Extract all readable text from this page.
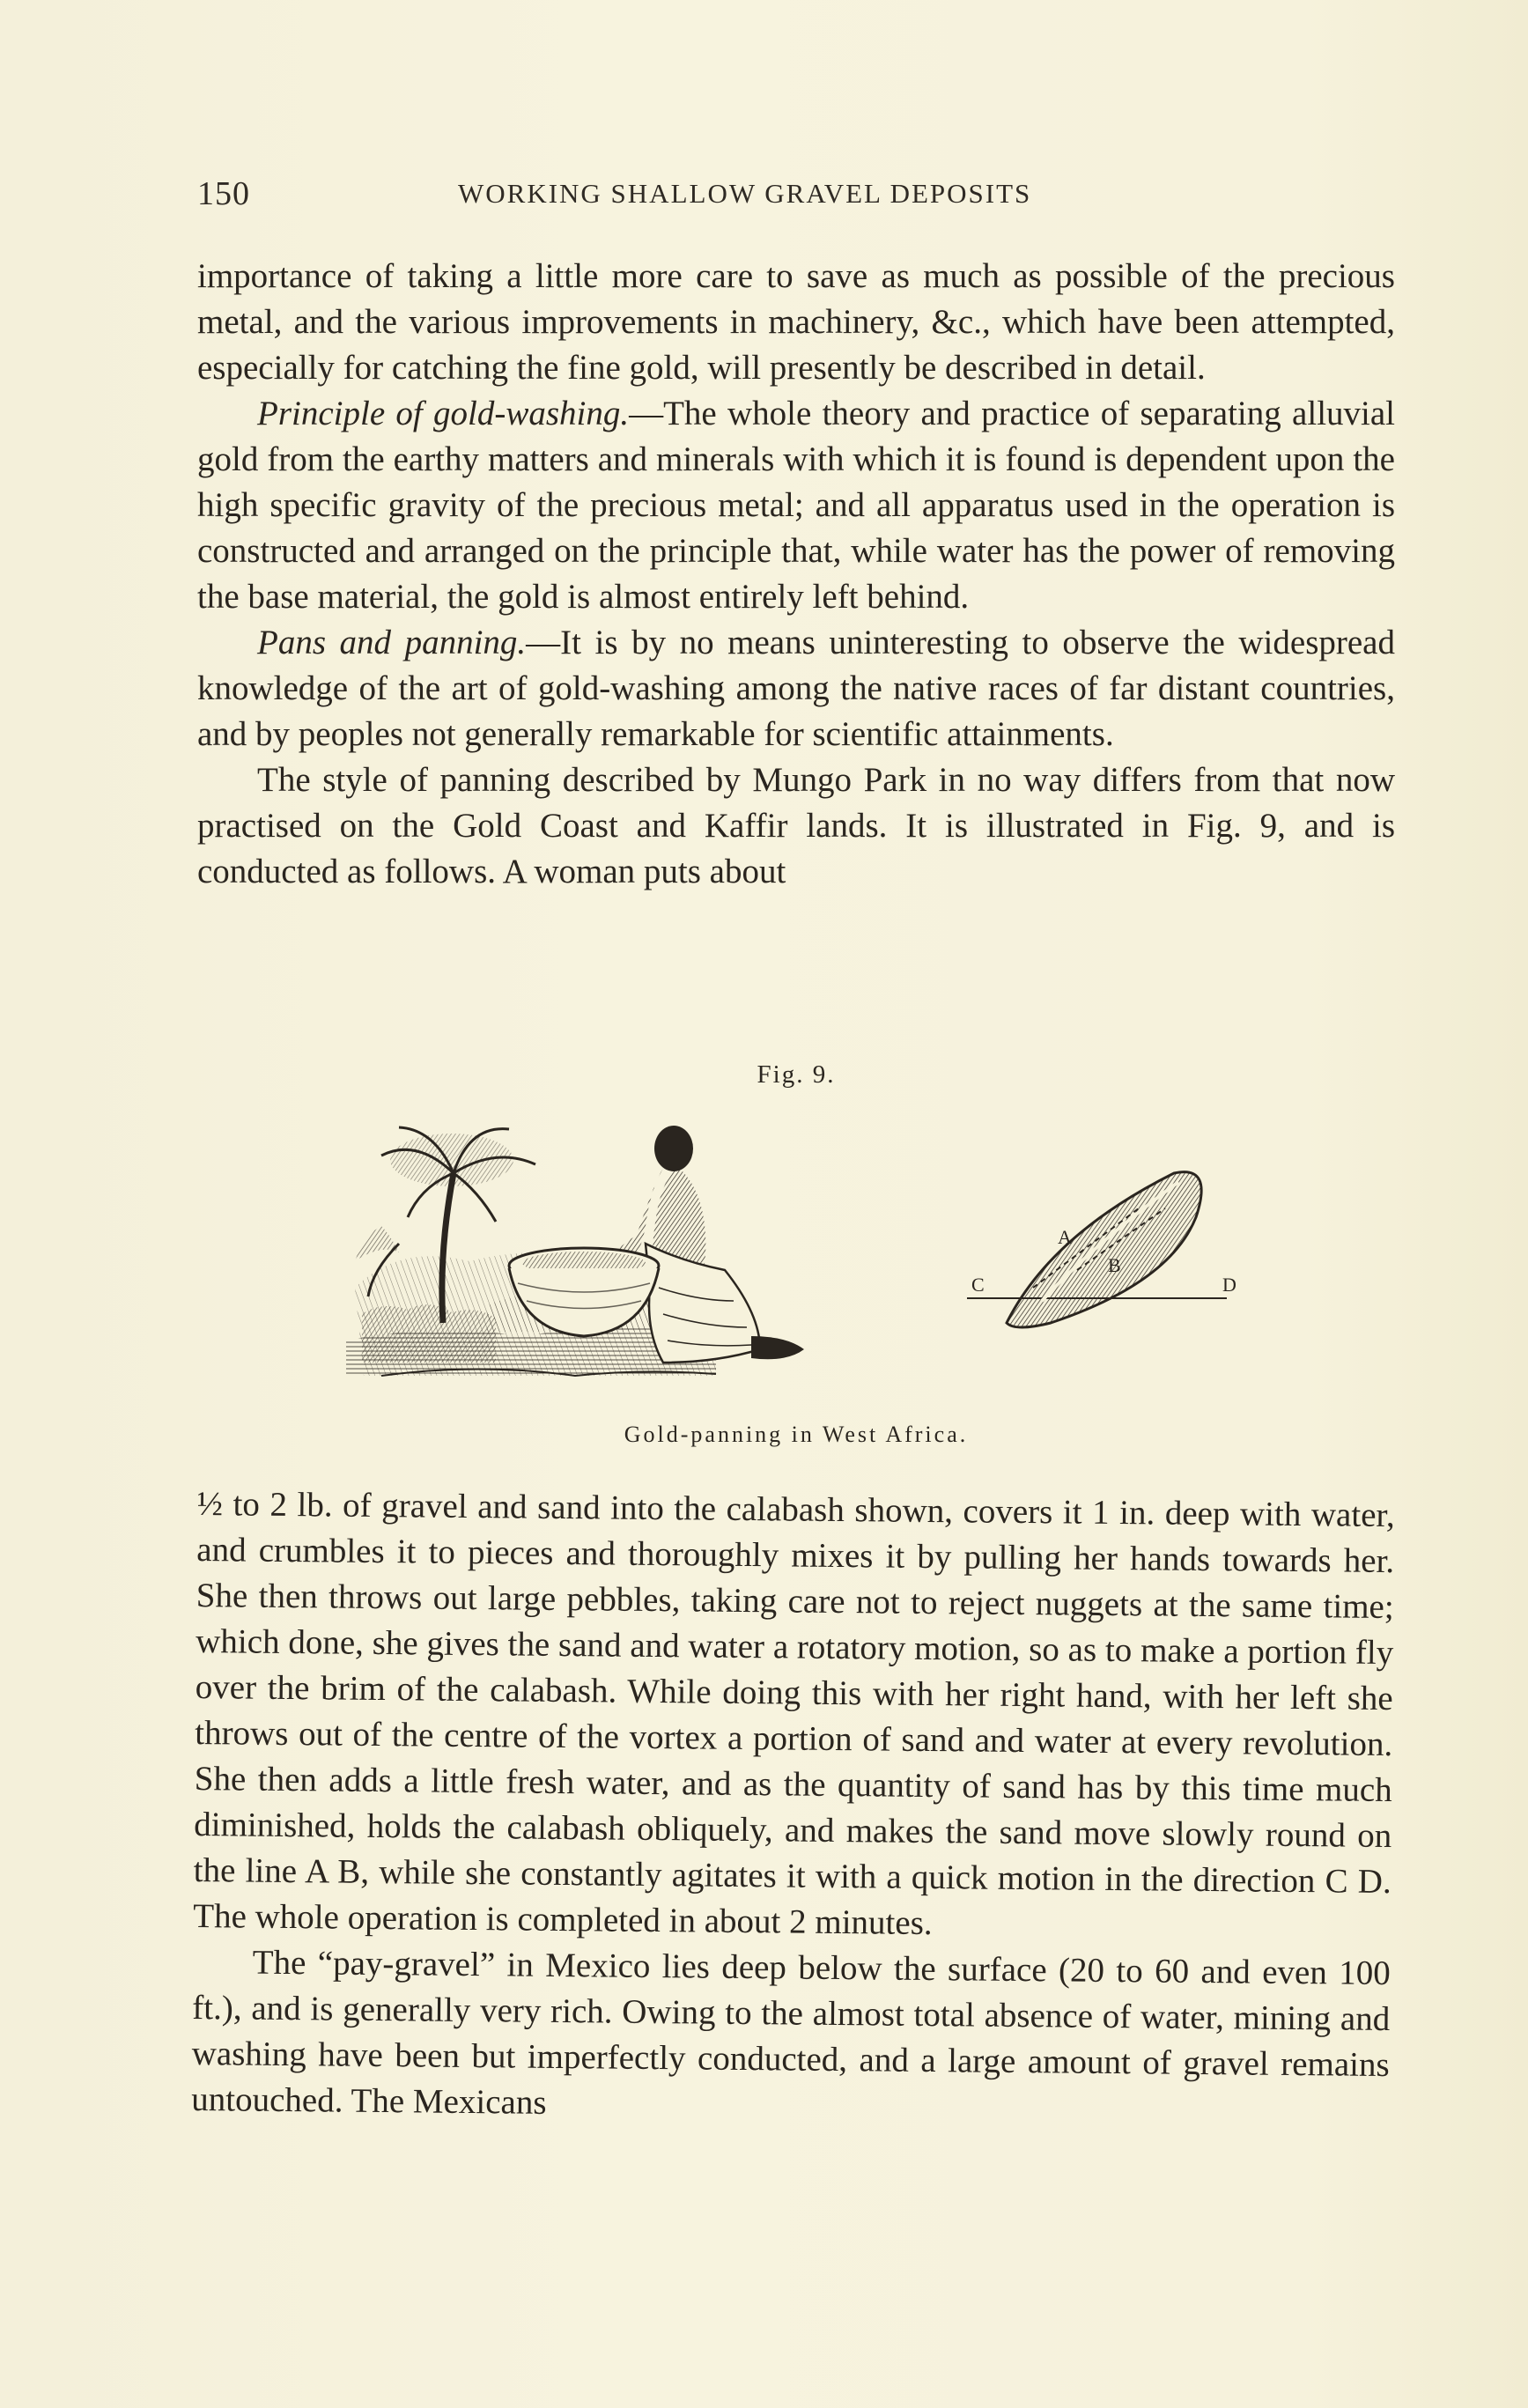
150	WORKING SHALLOW GRAVEL DEPOSITS

importance of taking a little more care to save as much as possible of the precious metal, and the various improvements in machinery, &c., which have been attempted, especially for catching the fine gold, will presently be described in detail.

Principle of gold-washing.—The whole theory and practice of separating alluvial gold from the earthy matters and minerals with which it is found is dependent upon the high specific gravity of the precious metal; and all apparatus used in the operation is constructed and arranged on the principle that, while water has the power of removing the base material, the gold is almost entirely left behind.

Pans and panning.—It is by no means uninteresting to observe the widespread knowledge of the art of gold-washing among the native races of far distant countries, and by peoples not generally remarkable for scientific attainments.

The style of panning described by Mungo Park in no way differs from that now practised on the Gold Coast and Kaffir lands. It is illustrated in Fig. 9, and is conducted as follows. A woman puts about

Fig. 9.
A
B
C	D
Gold-panning in West Africa.

½ to 2 lb. of gravel and sand into the calabash shown, covers it 1 in. deep with water, and crumbles it to pieces and thoroughly mixes it by pulling her hands towards her. She then throws out large pebbles, taking care not to reject nuggets at the same time; which done, she gives the sand and water a rotatory motion, so as to make a portion fly over the brim of the calabash. While doing this with her right hand, with her left she throws out of the centre of the vortex a portion of sand and water at every revolution. She then adds a little fresh water, and as the quantity of sand has by this time much diminished, holds the calabash obliquely, and makes the sand move slowly round on the line A B, while she constantly agitates it with a quick motion in the direction C D. The whole operation is completed in about 2 minutes.

The “pay-gravel” in Mexico lies deep below the surface (20 to 60 and even 100 ft.), and is generally very rich. Owing to the almost total absence of water, mining and washing have been but imperfectly conducted, and a large amount of gravel remains untouched. The Mexicans
